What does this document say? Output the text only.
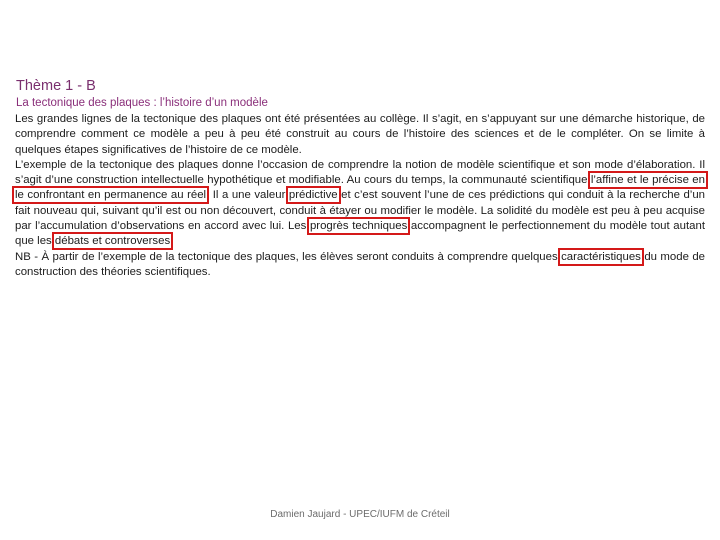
Thème 1 - B
La tectonique des plaques : l’histoire d’un modèle

Les grandes lignes de la tectonique des plaques ont été présentées au collège. Il s’agit, en s’appuyant sur une démarche historique, de comprendre comment ce modèle a peu à peu été construit au cours de l’histoire des sciences et de le compléter. On se limite à quelques étapes significatives de l’histoire de ce modèle.

L’exemple de la tectonique des plaques donne l’occasion de comprendre la notion de modèle scientifique et son mode d’élaboration. Il s’agit d’une construction intellectuelle hypothétique et modifiable. Au cours du temps, la communauté scientifique l’affine et le précise en le confrontant en permanence au réel. Il a une valeur prédictive et c’est souvent l’une de ces prédictions qui conduit à la recherche d’un fait nouveau qui, suivant qu’il est ou non découvert, conduit à étayer ou modifier le modèle. La solidité du modèle est peu à peu acquise par l’accumulation d’observations en accord avec lui. Les progrès techniques accompagnent le perfectionnement du modèle tout autant que les débats et controverses.

NB - À partir de l’exemple de la tectonique des plaques, les élèves seront conduits à comprendre quelques caractéristiques du mode de construction des théories scientifiques.

Damien Jaujard - UPEC/IUFM de Créteil
